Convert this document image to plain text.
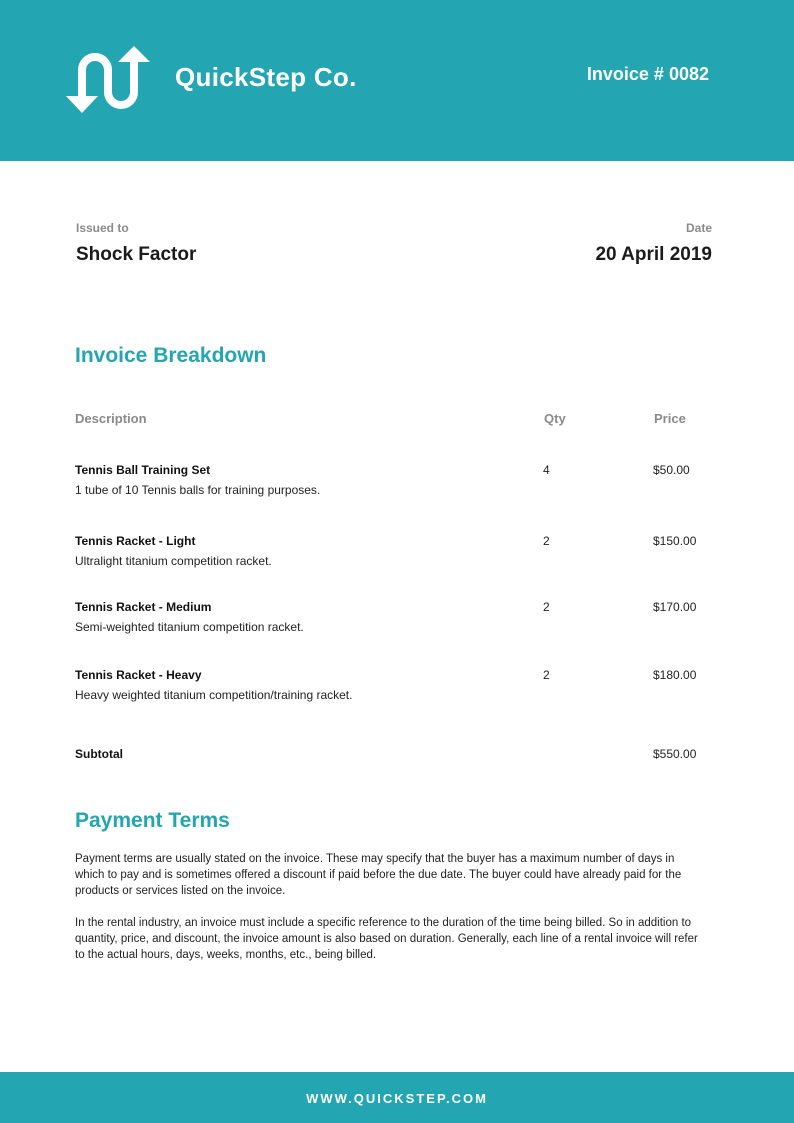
QuickStep Co.	Invoice # 0082
Issued to
Shock Factor
Date
20 April 2019
Invoice Breakdown
Description	Qty	Price
Tennis Ball Training Set
1 tube of 10 Tennis balls for training purposes.
4	$50.00
Tennis Racket - Light
Ultralight titanium competition racket.
2	$150.00
Tennis Racket - Medium
Semi-weighted titanium competition racket.
2	$170.00
Tennis Racket - Heavy
Heavy weighted titanium competition/training racket.
2	$180.00
Subtotal	$550.00
Payment Terms

Payment terms are usually stated on the invoice. These may specify that the buyer has a maximum number of days in which to pay and is sometimes offered a discount if paid before the due date. The buyer could have already paid for the products or services listed on the invoice.

In the rental industry, an invoice must include a specific reference to the duration of the time being billed. So in addition to quantity, price, and discount, the invoice amount is also based on duration. Generally, each line of a rental invoice will refer to the actual hours, days, weeks, months, etc., being billed.

WWW.QUICKSTEP.COM
